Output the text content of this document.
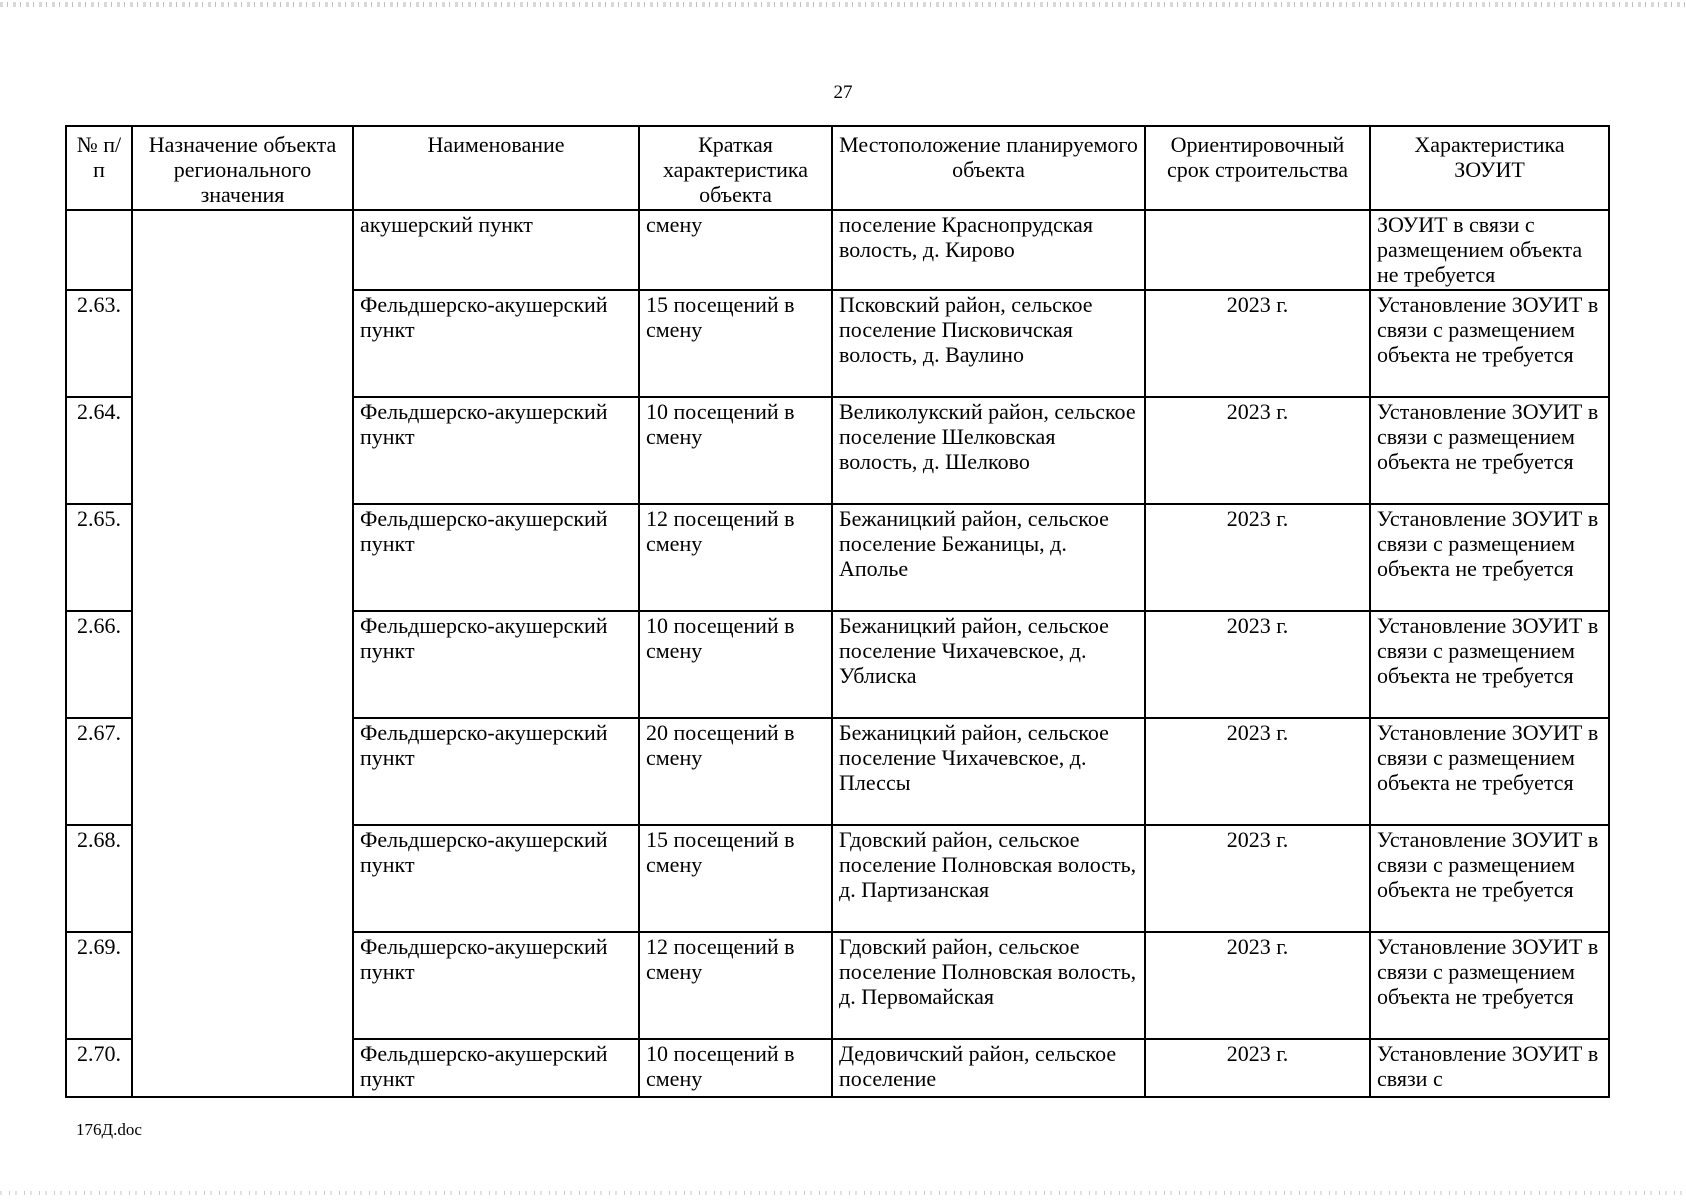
27
№ п/п	Назначение объекта регионального значения	Наименование	Краткая характеристика объекта	Местоположение планируемого объекта	Ориентировочный срок строительства	Характеристика ЗОУИТ
		акушерский пункт	смену	поселение Краснопрудская волость, д. Кирово		ЗОУИТ в связи с размещением объекта не требуется
2.63.		Фельдшерско-акушерский пункт	15 посещений в смену	Псковский район, сельское поселение Писковичская волость, д. Ваулино	2023 г.	Установление ЗОУИТ в связи с размещением объекта не требуется
2.64.		Фельдшерско-акушерский пункт	10 посещений в смену	Великолукский район, сельское поселение Шелковская волость, д. Шелково	2023 г.	Установление ЗОУИТ в связи с размещением объекта не требуется
2.65.		Фельдшерско-акушерский пункт	12 посещений в смену	Бежаницкий район, сельское поселение Бежаницы, д. Аполье	2023 г.	Установление ЗОУИТ в связи с размещением объекта не требуется
2.66.		Фельдшерско-акушерский пункт	10 посещений в смену	Бежаницкий район, сельское поселение Чихачевское, д. Ублиска	2023 г.	Установление ЗОУИТ в связи с размещением объекта не требуется
2.67.		Фельдшерско-акушерский пункт	20 посещений в смену	Бежаницкий район, сельское поселение Чихачевское, д. Плессы	2023 г.	Установление ЗОУИТ в связи с размещением объекта не требуется
2.68.		Фельдшерско-акушерский пункт	15 посещений в смену	Гдовский район, сельское поселение Полновская волость, д. Партизанская	2023 г.	Установление ЗОУИТ в связи с размещением объекта не требуется
2.69.		Фельдшерско-акушерский пункт	12 посещений в смену	Гдовский район, сельское поселение Полновская волость, д. Первомайская	2023 г.	Установление ЗОУИТ в связи с размещением объекта не требуется
2.70.		Фельдшерско-акушерский пункт	10 посещений в смену	Дедовичский район, сельское поселение	2023 г.	Установление ЗОУИТ в связи с
176Д.doc
